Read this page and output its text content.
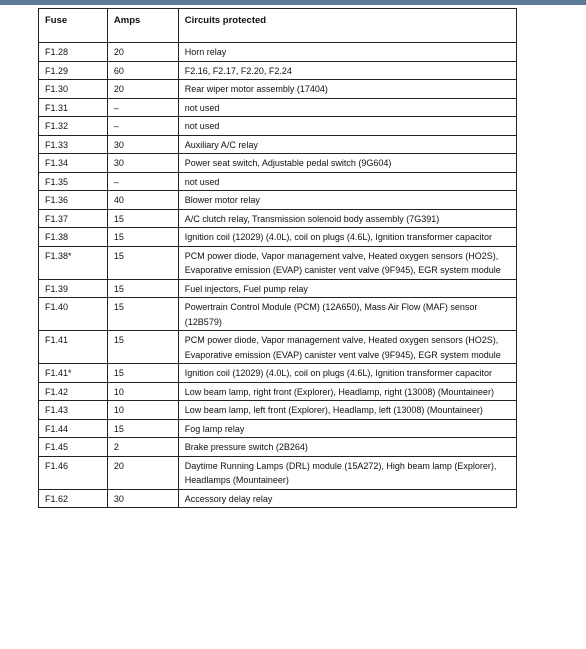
Fuse	Amps	Circuits protected
F1.28	20	Horn relay
F1.29	60	F2.16, F2.17, F2.20, F2.24
F1.30	20	Rear wiper motor assembly (17404)
F1.31	–	not used
F1.32	–	not used
F1.33	30	Auxiliary A/C relay
F1.34	30	Power seat switch, Adjustable pedal switch (9G604)
F1.35	–	not used
F1.36	40	Blower motor relay
F1.37	15	A/C clutch relay, Transmission solenoid body assembly (7G391)
F1.38	15	Ignition coil (12029) (4.0L), coil on plugs (4.6L), Ignition transformer capacitor
F1.38*	15	PCM power diode, Vapor management valve, Heated oxygen sensors (HO2S), Evaporative emission (EVAP) canister vent valve (9F945), EGR system module
F1.39	15	Fuel injectors, Fuel pump relay
F1.40	15	Powertrain Control Module (PCM) (12A650), Mass Air Flow (MAF) sensor (12B579)
F1.41	15	PCM power diode, Vapor management valve, Heated oxygen sensors (HO2S), Evaporative emission (EVAP) canister vent valve (9F945), EGR system module
F1.41*	15	Ignition coil (12029) (4.0L), coil on plugs (4.6L), Ignition transformer capacitor
F1.42	10	Low beam lamp, right front (Explorer), Headlamp, right (13008) (Mountaineer)
F1.43	10	Low beam lamp, left front (Explorer), Headlamp, left (13008) (Mountaineer)
F1.44	15	Fog lamp relay
F1.45	2	Brake pressure switch (2B264)
F1.46	20	Daytime Running Lamps (DRL) module (15A272), High beam lamp (Explorer), Headlamps (Mountaineer)
F1.62	30	Accessory delay relay
